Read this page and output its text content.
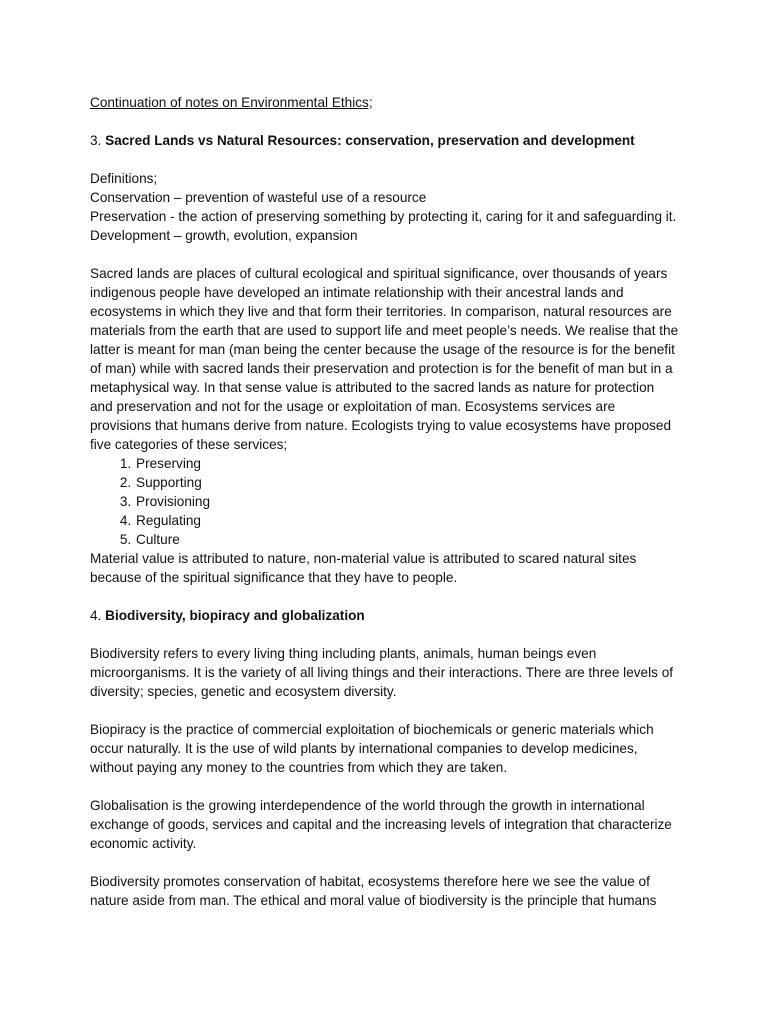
Continuation of notes on Environmental Ethics;

3. Sacred Lands vs Natural Resources: conservation, preservation and development

Definitions;

Conservation – prevention of wasteful use of a resource

Preservation - the action of preserving something by protecting it, caring for it and safeguarding it.

Development – growth, evolution, expansion

Sacred lands are places of cultural ecological and spiritual significance, over thousands of years indigenous people have developed an intimate relationship with their ancestral lands and ecosystems in which they live and that form their territories. In comparison, natural resources are materials from the earth that are used to support life and meet people’s needs. We realise that the latter is meant for man (man being the center because the usage of the resource is for the benefit of man) while with sacred lands their preservation and protection is for the benefit of man but in a metaphysical way. In that sense value is attributed to the sacred lands as nature for protection and preservation and not for the usage or exploitation of man. Ecosystems services are provisions that humans derive from nature. Ecologists trying to value ecosystems have proposed five categories of these services;

1. Preserving
2. Supporting
3. Provisioning
4. Regulating
5. Culture

Material value is attributed to nature, non-material value is attributed to scared natural sites because of the spiritual significance that they have to people.

4. Biodiversity, biopiracy and globalization

Biodiversity refers to every living thing including plants, animals, human beings even microorganisms. It is the variety of all living things and their interactions. There are three levels of diversity; species, genetic and ecosystem diversity.

Biopiracy is the practice of commercial exploitation of biochemicals or generic materials which occur naturally. It is the use of wild plants by international companies to develop medicines, without paying any money to the countries from which they are taken.

Globalisation is the growing interdependence of the world through the growth in international exchange of goods, services and capital and the increasing levels of integration that characterize economic activity.

Biodiversity promotes conservation of habitat, ecosystems therefore here we see the value of nature aside from man. The ethical and moral value of biodiversity is the principle that humans
